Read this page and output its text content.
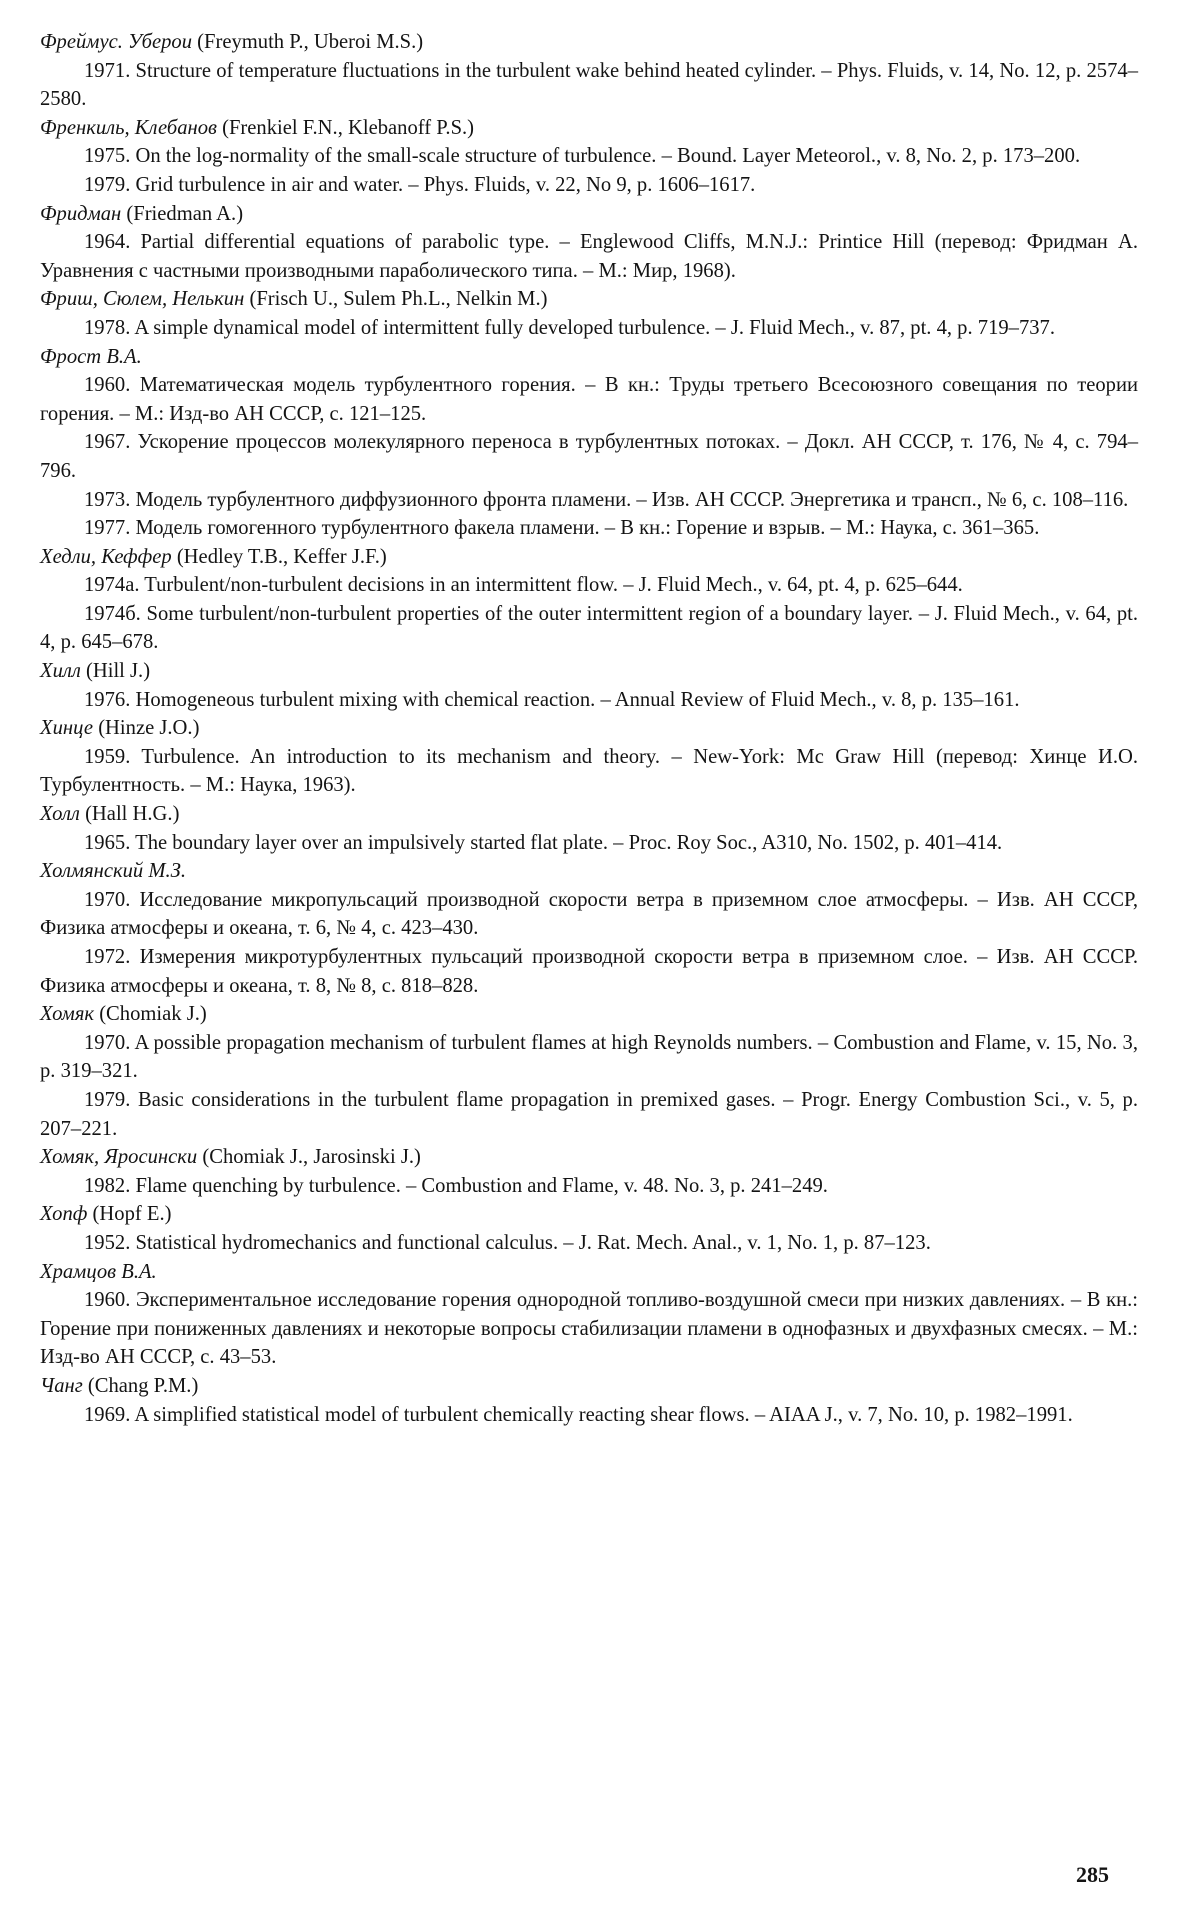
Фреймус. Уберои (Freymuth P., Uberoi M.S.)
1971. Structure of temperature fluctuations in the turbulent wake behind heated cylinder. – Phys. Fluids, v. 14, No. 12, p. 2574–2580.
Френкиль, Клебанов (Frenkiel F.N., Klebanoff P.S.)
1975. On the log-normality of the small-scale structure of turbulence. – Bound. Layer Meteorol., v. 8, No. 2, p. 173–200.
1979. Grid turbulence in air and water. – Phys. Fluids, v. 22, No 9, p. 1606–1617.
Фридман (Friedman A.)
1964. Partial differential equations of parabolic type. – Englewood Cliffs, M.N.J.: Printice Hill (перевод: Фридман А. Уравнения с частными производными параболического типа. – М.: Мир, 1968).
Фриш, Сюлем, Нелькин (Frisch U., Sulem Ph.L., Nelkin M.)
1978. A simple dynamical model of intermittent fully developed turbulence. – J. Fluid Mech., v. 87, pt. 4, p. 719–737.
Фрост В.А.
1960. Математическая модель турбулентного горения. – В кн.: Труды третьего Всесоюзного совещания по теории горения. – М.: Изд-во АН СССР, с. 121–125.
1967. Ускорение процессов молекулярного переноса в турбулентных потоках. – Докл. АН СССР, т. 176, № 4, с. 794–796.
1973. Модель турбулентного диффузионного фронта пламени. – Изв. АН СССР. Энергетика и трансп., № 6, с. 108–116.
1977. Модель гомогенного турбулентного факела пламени. – В кн.: Горение и взрыв. – М.: Наука, с. 361–365.
Хедли, Кеффер (Hedley T.B., Keffer J.F.)
1974a. Turbulent/non-turbulent decisions in an intermittent flow. – J. Fluid Mech., v. 64, pt. 4, p. 625–644.
1974б. Some turbulent/non-turbulent properties of the outer intermittent region of a boundary layer. – J. Fluid Mech., v. 64, pt. 4, p. 645–678.
Хилл (Hill J.)
1976. Homogeneous turbulent mixing with chemical reaction. – Annual Review of Fluid Mech., v. 8, p. 135–161.
Хинце (Hinze J.O.)
1959. Turbulence. An introduction to its mechanism and theory. – New-York: Mc Graw Hill (перевод: Хинце И.О. Турбулентность. – М.: Наука, 1963).
Холл (Hall H.G.)
1965. The boundary layer over an impulsively started flat plate. – Proc. Roy Soc., A310, No. 1502, p. 401–414.
Холмянский М.З.
1970. Исследование микропульсаций производной скорости ветра в приземном слое атмосферы. – Изв. АН СССР, Физика атмосферы и океана, т. 6, № 4, с. 423–430.
1972. Измерения микротурбулентных пульсаций производной скорости ветра в приземном слое. – Изв. АН СССР. Физика атмосферы и океана, т. 8, № 8, с. 818–828.
Хомяк (Chomiak J.)
1970. A possible propagation mechanism of turbulent flames at high Reynolds numbers. – Combustion and Flame, v. 15, No. 3, p. 319–321.
1979. Basic considerations in the turbulent flame propagation in premixed gases. – Progr. Energy Combustion Sci., v. 5, p. 207–221.
Хомяк, Яросински (Chomiak J., Jarosinski J.)
1982. Flame quenching by turbulence. – Combustion and Flame, v. 48. No. 3, p. 241–249.
Хопф (Hopf E.)
1952. Statistical hydromechanics and functional calculus. – J. Rat. Mech. Anal., v. 1, No. 1, p. 87–123.
Храмцов В.А.
1960. Экспериментальное исследование горения однородной топливо-воздушной смеси при низких давлениях. – В кн.: Горение при пониженных давлениях и некоторые вопросы стабилизации пламени в однофазных и двухфазных смесях. – М.: Изд-во АН СССР, с. 43–53.
Чанг (Chang P.M.)
1969. A simplified statistical model of turbulent chemically reacting shear flows. – AIAA J., v. 7, No. 10, p. 1982–1991.
285
